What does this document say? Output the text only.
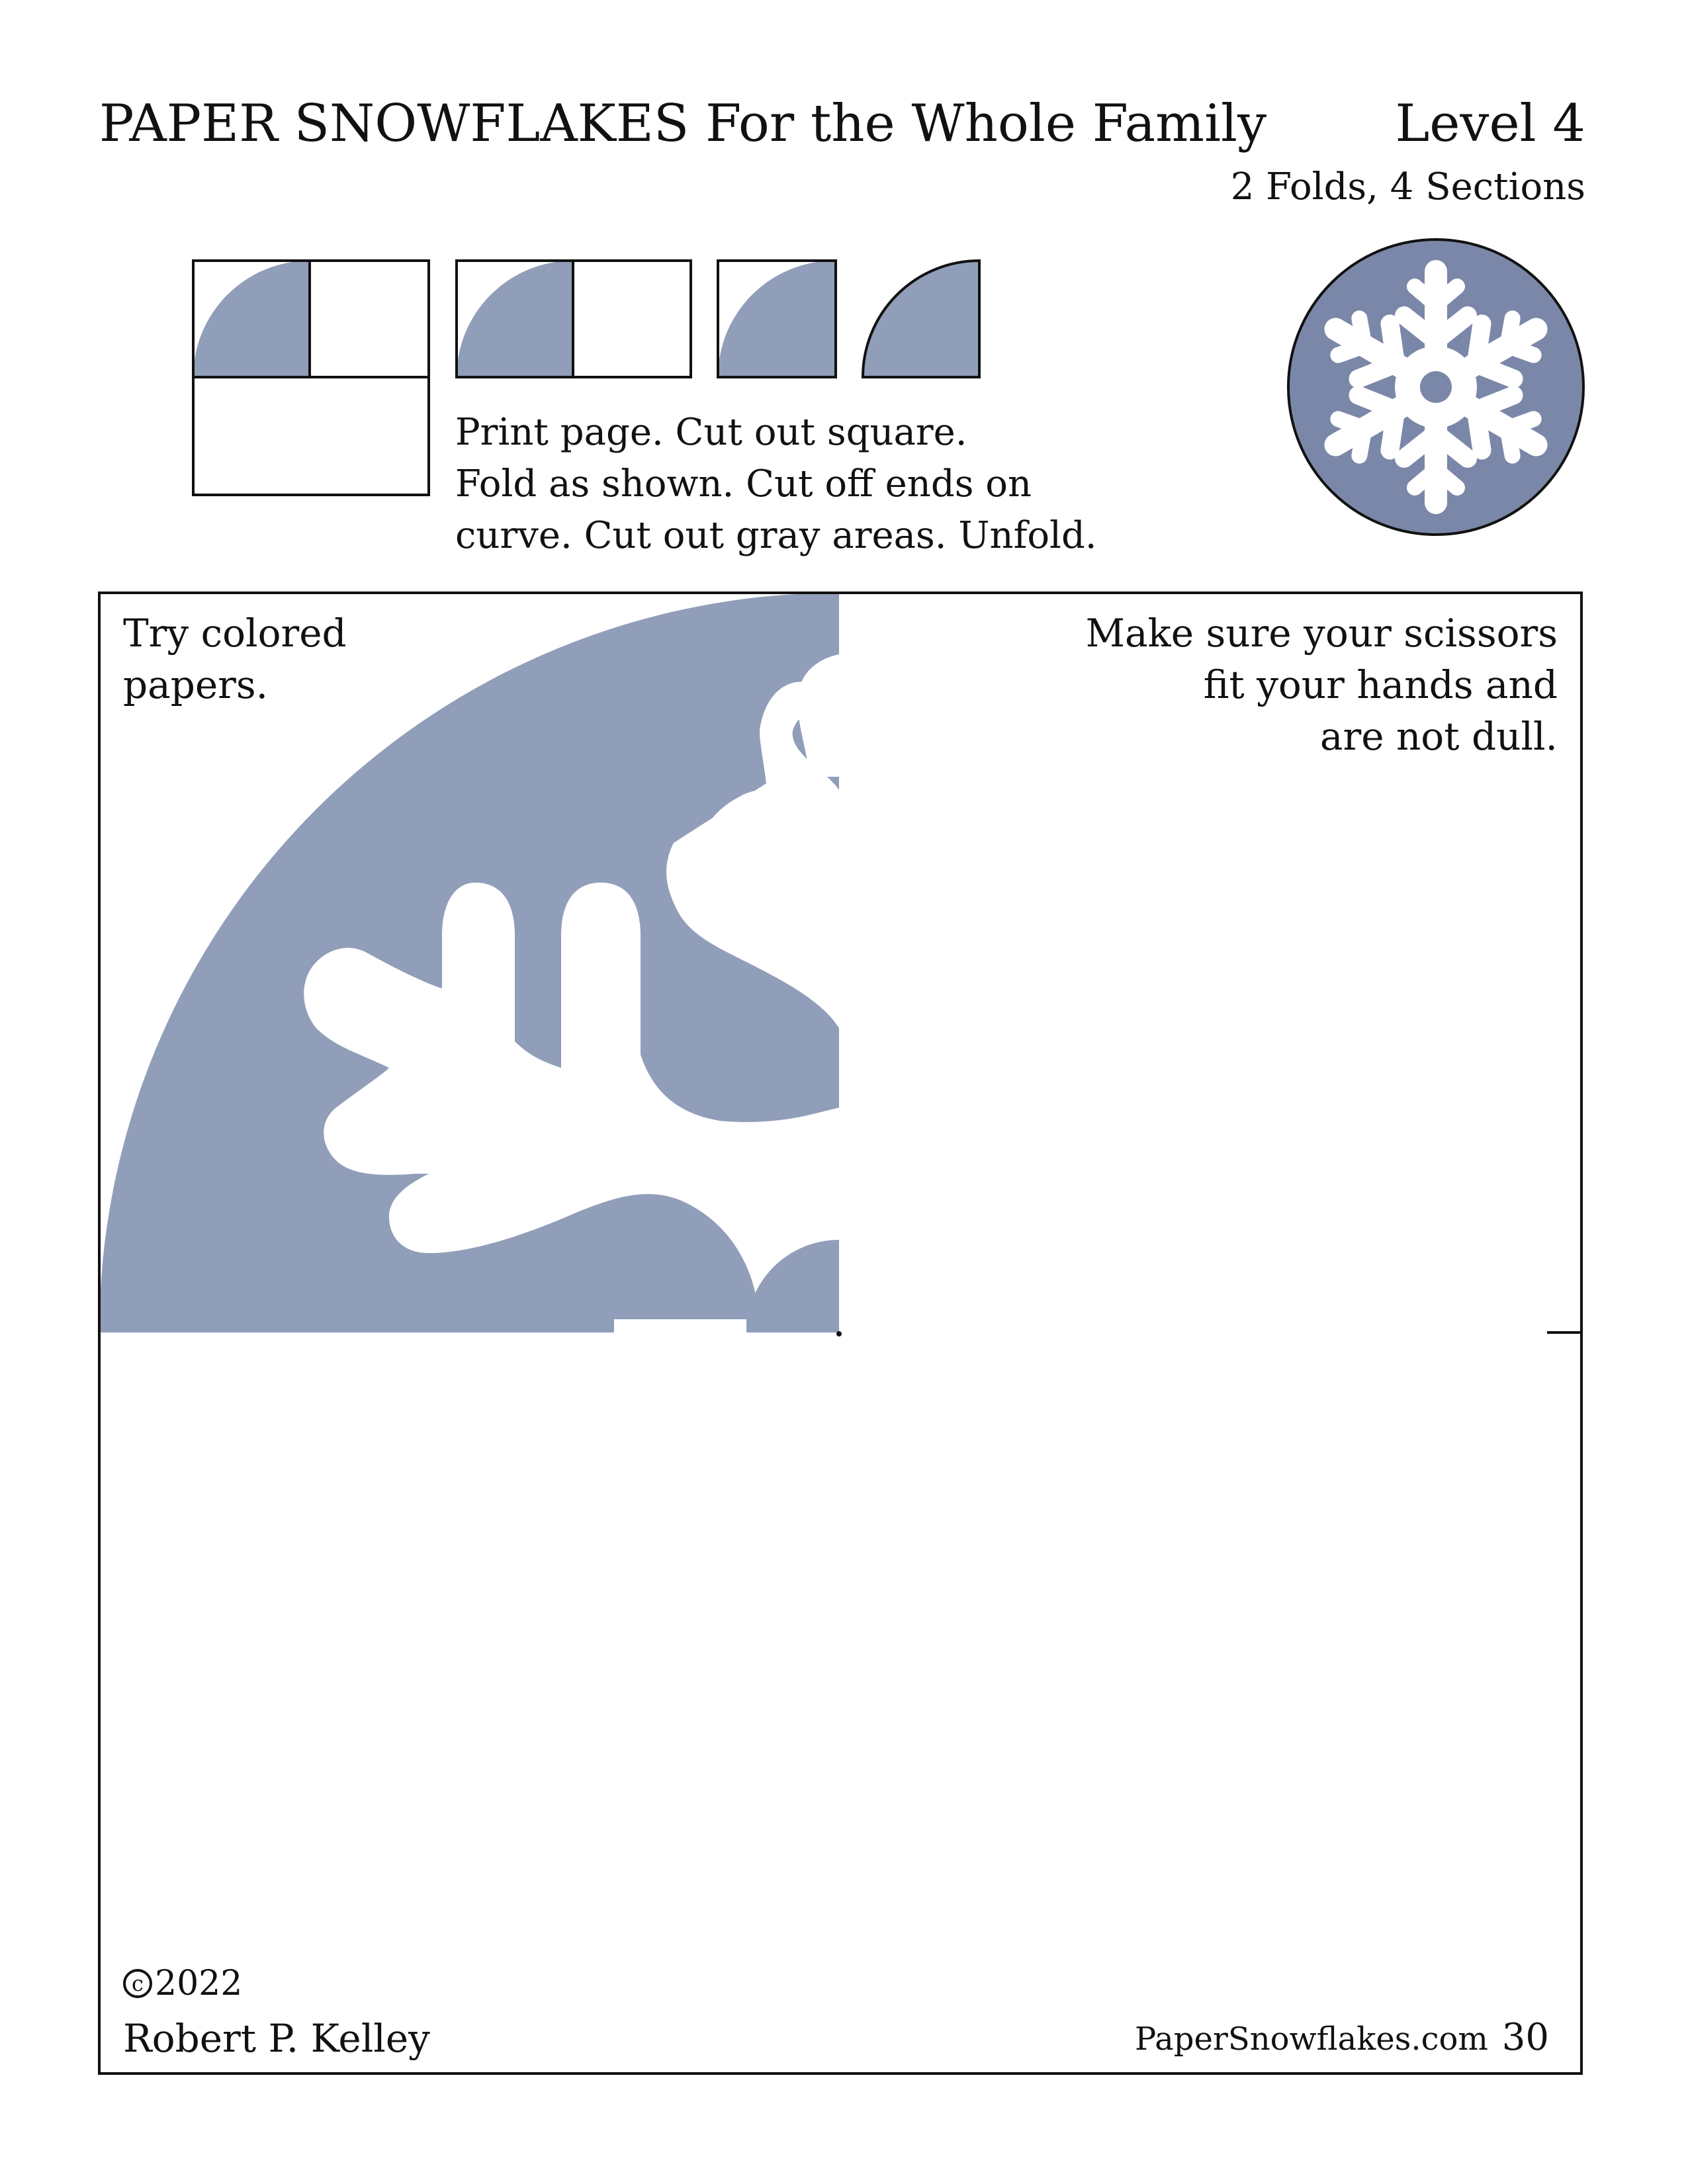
PAPER SNOWFLAKES For the Whole Family Level 4
2 Folds, 4 Sections
Print page. Cut out square.
Fold as shown. Cut off ends on
curve. Cut out gray areas. Unfold.
Try colored
papers.
Make sure your scissors
fit your hands and
are not dull.
c 2022
Robert P. Kelley	PaperSnowflakes.com 30
